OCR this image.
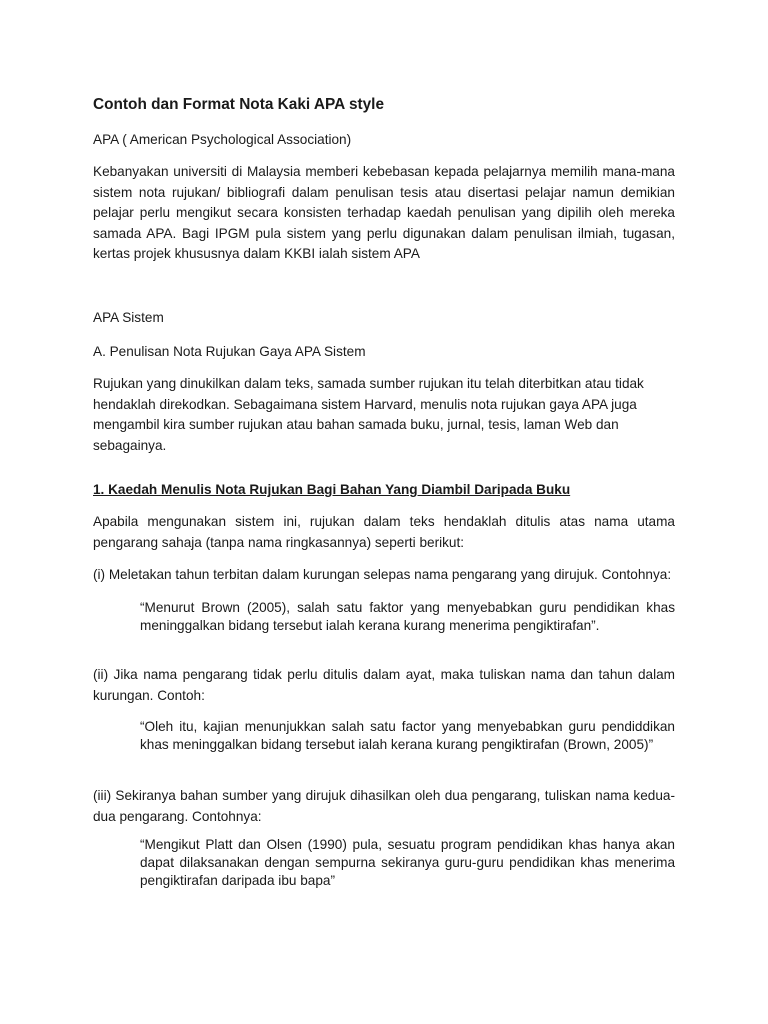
Contoh dan Format Nota Kaki APA style

APA ( American Psychological Association)

Kebanyakan universiti di Malaysia memberi kebebasan kepada pelajarnya memilih mana-mana sistem nota rujukan/ bibliografi dalam penulisan tesis atau disertasi pelajar namun demikian pelajar perlu mengikut secara konsisten terhadap kaedah penulisan yang dipilih oleh mereka samada APA. Bagi IPGM pula sistem yang perlu digunakan dalam penulisan ilmiah, tugasan, kertas projek khususnya dalam KKBI ialah sistem APA

APA Sistem

A. Penulisan Nota Rujukan Gaya APA Sistem

Rujukan yang dinukilkan dalam teks, samada sumber rujukan itu telah diterbitkan atau tidak hendaklah direkodkan. Sebagaimana sistem Harvard, menulis nota rujukan gaya APA juga mengambil kira sumber rujukan atau bahan samada buku, jurnal, tesis, laman Web dan sebagainya.

1. Kaedah Menulis Nota Rujukan Bagi Bahan Yang Diambil Daripada Buku

Apabila mengunakan sistem ini, rujukan dalam teks hendaklah ditulis atas nama utama pengarang sahaja (tanpa nama ringkasannya) seperti berikut:

(i) Meletakan tahun terbitan dalam kurungan selepas nama pengarang yang dirujuk. Contohnya:

“Menurut Brown (2005), salah satu faktor yang menyebabkan guru pendidikan khas meninggalkan bidang tersebut ialah kerana kurang menerima pengiktirafan”.

(ii) Jika nama pengarang tidak perlu ditulis dalam ayat, maka tuliskan nama dan tahun dalam kurungan. Contoh:

“Oleh itu, kajian menunjukkan salah satu factor yang menyebabkan guru pendiddikan khas meninggalkan bidang tersebut ialah kerana kurang pengiktirafan (Brown, 2005)”

(iii) Sekiranya bahan sumber yang dirujuk dihasilkan oleh dua pengarang, tuliskan nama kedua-dua pengarang. Contohnya:

“Mengikut Platt dan Olsen (1990) pula, sesuatu program pendidikan khas hanya akan dapat dilaksanakan dengan sempurna sekiranya guru-guru pendidikan khas menerima pengiktirafan daripada ibu bapa”
